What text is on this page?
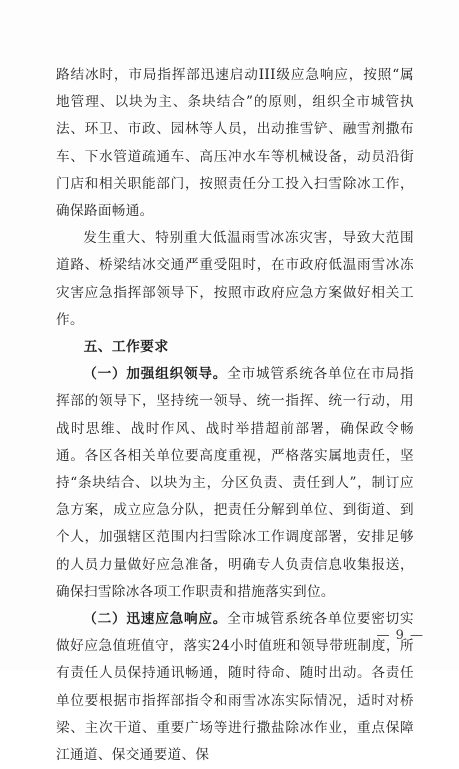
路结冰时，市局指挥部迅速启动III级应急响应，按照“属地管理、以块为主、条块结合”的原则，组织全市城管执法、环卫、市政、园林等人员，出动推雪铲、融雪剂撒布车、下水管道疏通车、高压冲水车等机械设备，动员沿街门店和相关职能部门，按照责任分工投入扫雪除冰工作，确保路面畅通。

发生重大、特别重大低温雨雪冰冻灾害，导致大范围道路、桥梁结冰交通严重受阻时，在市政府低温雨雪冰冻灾害应急指挥部领导下，按照市政府应急方案做好相关工作。

五、工作要求

（一）加强组织领导。全市城管系统各单位在市局指挥部的领导下，坚持统一领导、统一指挥、统一行动，用战时思维、战时作风、战时举措超前部署，确保政令畅通。各区各相关单位要高度重视，严格落实属地责任，坚持“条块结合、以块为主，分区负责、责任到人”，制订应急方案，成立应急分队，把责任分解到单位、到街道、到个人，加强辖区范围内扫雪除冰工作调度部署，安排足够的人员力量做好应急准备，明确专人负责信息收集报送，确保扫雪除冰各项工作职责和措施落实到位。

（二）迅速应急响应。全市城管系统各单位要密切实做好应急值班值守，落实24小时值班和领导带班制度，所有责任人员保持通讯畅通，随时待命、随时出动。各责任单位要根据市指挥部指令和雨雪冰冻实际情况，适时对桥梁、主次干道、重要广场等进行撒盐除冰作业，重点保障江通道、保交通要道、保

— 9 —
